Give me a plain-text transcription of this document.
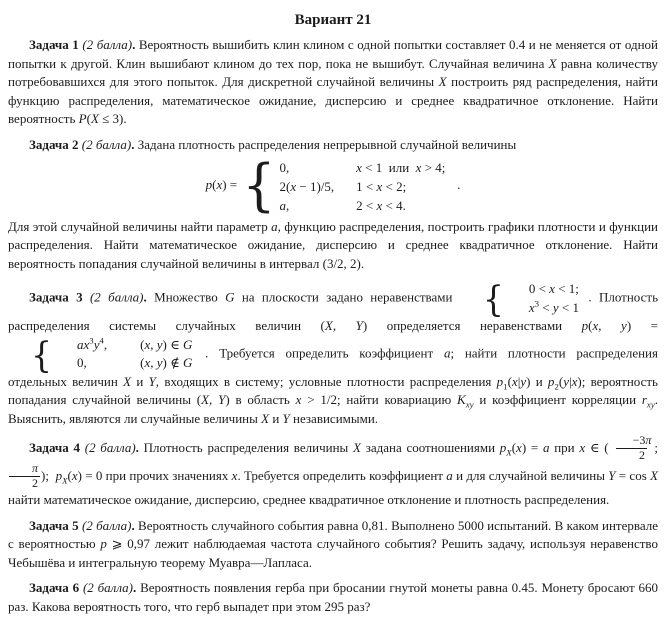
Вариант 21
Задача 1 (2 балла). Вероятность вышибить клин клином с одной попытки составляет 0.4 и не меняется от одной попытки к другой. Клин вышибают клином до тех пор, пока не вышибут. Случайная величина X равна количеству потребовавшихся для этого попыток. Для дискретной случайной величины X построить ряд распределения, найти функцию распределения, математическое ожидание, дисперсию и среднее квадратичное отклонение. Найти вероятность P(X ≤ 3).
Задача 2 (2 балла). Задана плотность распределения непрерывной случайной величины
p(x) = { 0,	x < 1  или  x > 4;
2(x − 1)/5, 1 < x < 2;
a,	2 < x < 4.
.
Для этой случайной величины найти параметр a, функцию распределения, построить графики плотности и функции распределения. Найти математическое ожидание, дисперсию и среднее квадратичное отклонение. Найти вероятность попадания случайной величины в интервал (3/2, 2).
Задача 3 (2 балла). Множество G на плоскости задано неравенствами {	0 < x < 1;
$x^3 < y < 1$
. Плотность распределения системы случайных величин (X, Y) определяется неравенствами p(x, y) =
{	$ax^3y^4$,	(x, y) ∈ G
0,	(x, y) ∉ G
. Требуется определить коэффициент a; найти плотности распределения отдельных величин X и Y, входящих в систему; условные плотности распределения $p_1(x|y)$ и $p_2(y|x)$; вероятность попадания случайной величины (X, Y) в область x > 1/2; найти ковариацию $K_{xy}$ и коэффициент корреляции $r_{xy}$. Выяснить, являются ли случайные величины X и Y независимыми.
Задача 4 (2 балла). Плотность распределения величины X задана соотношениями $p_X(x) = a$ при x ∈ ( $\frac{-3\pi}{2}$ ;
$\frac{\pi}{2}$ );  $p_X(x) = 0$ при прочих значениях x. Требуется определить коэффициент a и для случайной величины Y = cos X найти математическое ожидание, дисперсию, среднее квадратичное отклонение и плотность распределения.
Задача 5 (2 балла). Вероятность случайного события равна 0,81. Выполнено 5000 испытаний. В каком интервале с вероятностью p ⩾ 0,97 лежит наблюдаемая частота случайного события? Решить задачу, используя неравенство Чебышёва и интегральную теорему Муавра—Лапласа.
Задача 6 (2 балла). Вероятность появления герба при бросании гнутой монеты равна 0.45. Монету бросают 660 раз. Какова вероятность того, что герб выпадет при этом 295 раз?
